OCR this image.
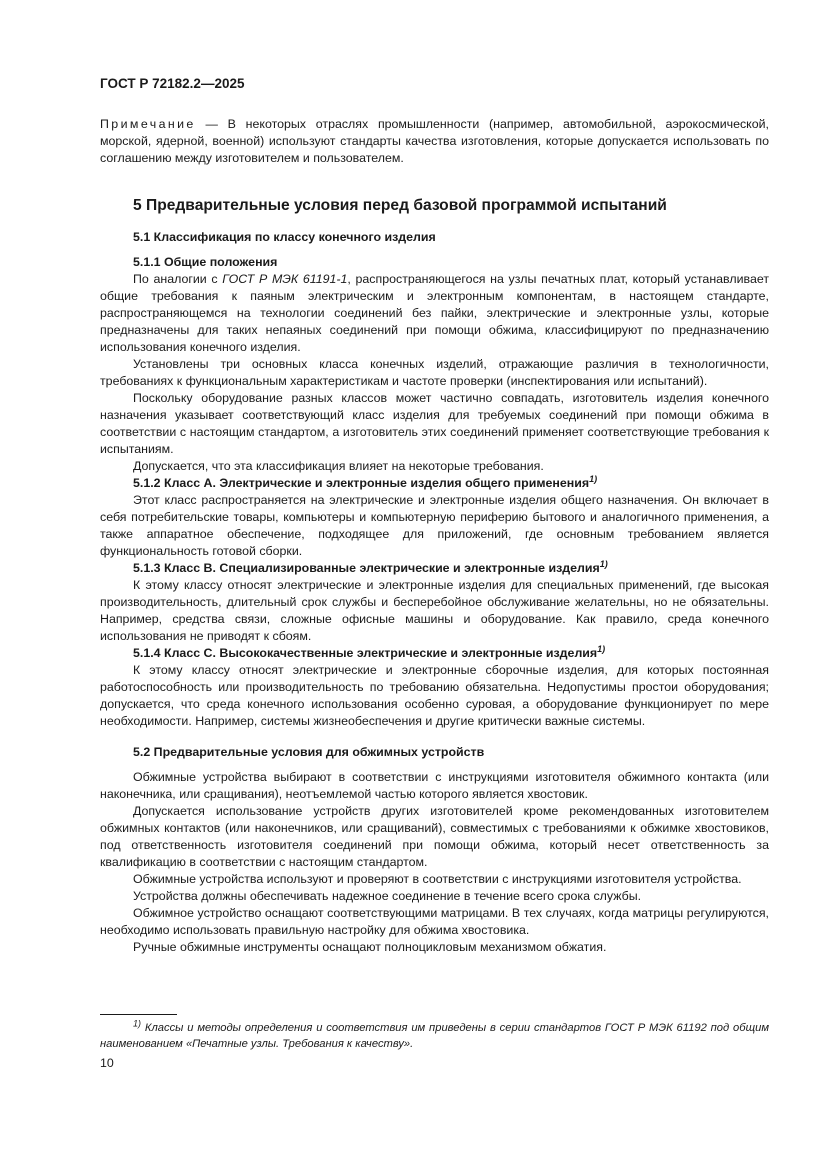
ГОСТ Р 72182.2—2025

Примечание — В некоторых отраслях промышленности (например, автомобильной, аэрокосмической, морской, ядерной, военной) используют стандарты качества изготовления, которые допускается использовать по соглашению между изготовителем и пользователем.

5 Предварительные условия перед базовой программой испытаний
5.1 Классификация по классу конечного изделия
5.1.1 Общие положения

По аналогии с ГОСТ Р МЭК 61191-1, распространяющегося на узлы печатных плат, который устанавливает общие требования к паяным электрическим и электронным компонентам, в настоящем стандарте, распространяющемся на технологии соединений без пайки, электрические и электронные узлы, которые предназначены для таких непаяных соединений при помощи обжима, классифицируют по предназначению использования конечного изделия.

Установлены три основных класса конечных изделий, отражающие различия в технологичности, требованиях к функциональным характеристикам и частоте проверки (инспектирования или испытаний).

Поскольку оборудование разных классов может частично совпадать, изготовитель изделия конечного назначения указывает соответствующий класс изделия для требуемых соединений при помощи обжима в соответствии с настоящим стандартом, а изготовитель этих соединений применяет соответствующие требования к испытаниям.

Допускается, что эта классификация влияет на некоторые требования.

5.1.2 Класс А. Электрические и электронные изделия общего применения$^{1)}$

Этот класс распространяется на электрические и электронные изделия общего назначения. Он включает в себя потребительские товары, компьютеры и компьютерную периферию бытового и аналогичного применения, а также аппаратное обеспечение, подходящее для приложений, где основным требованием является функциональность готовой сборки.

5.1.3 Класс В. Специализированные электрические и электронные изделия$^{1)}$

К этому классу относят электрические и электронные изделия для специальных применений, где высокая производительность, длительный срок службы и бесперебойное обслуживание желательны, но не обязательны. Например, средства связи, сложные офисные машины и оборудование. Как правило, среда конечного использования не приводят к сбоям.

5.1.4 Класс С. Высококачественные электрические и электронные изделия$^{1)}$

К этому классу относят электрические и электронные сборочные изделия, для которых постоянная работоспособность или производительность по требованию обязательна. Недопустимы простои оборудования; допускается, что среда конечного использования особенно суровая, а оборудование функционирует по мере необходимости. Например, системы жизнеобеспечения и другие критически важные системы.

5.2 Предварительные условия для обжимных устройств

Обжимные устройства выбирают в соответствии с инструкциями изготовителя обжимного контакта (или наконечника, или сращивания), неотъемлемой частью которого является хвостовик.

Допускается использование устройств других изготовителей кроме рекомендованных изготовителем обжимных контактов (или наконечников, или сращиваний), совместимых с требованиями к обжимке хвостовиков, под ответственность изготовителя соединений при помощи обжима, который несет ответственность за квалификацию в соответствии с настоящим стандартом.

Обжимные устройства используют и проверяют в соответствии с инструкциями изготовителя устройства.

Устройства должны обеспечивать надежное соединение в течение всего срока службы.

Обжимное устройство оснащают соответствующими матрицами. В тех случаях, когда матрицы регулируются, необходимо использовать правильную настройку для обжима хвостовика.

Ручные обжимные инструменты оснащают полноцикловым механизмом обжатия.

$^{1)}$ Классы и методы определения и соответствия им приведены в серии стандартов ГОСТ Р МЭК 61192 под общим наименованием «Печатные узлы. Требования к качеству».
10
